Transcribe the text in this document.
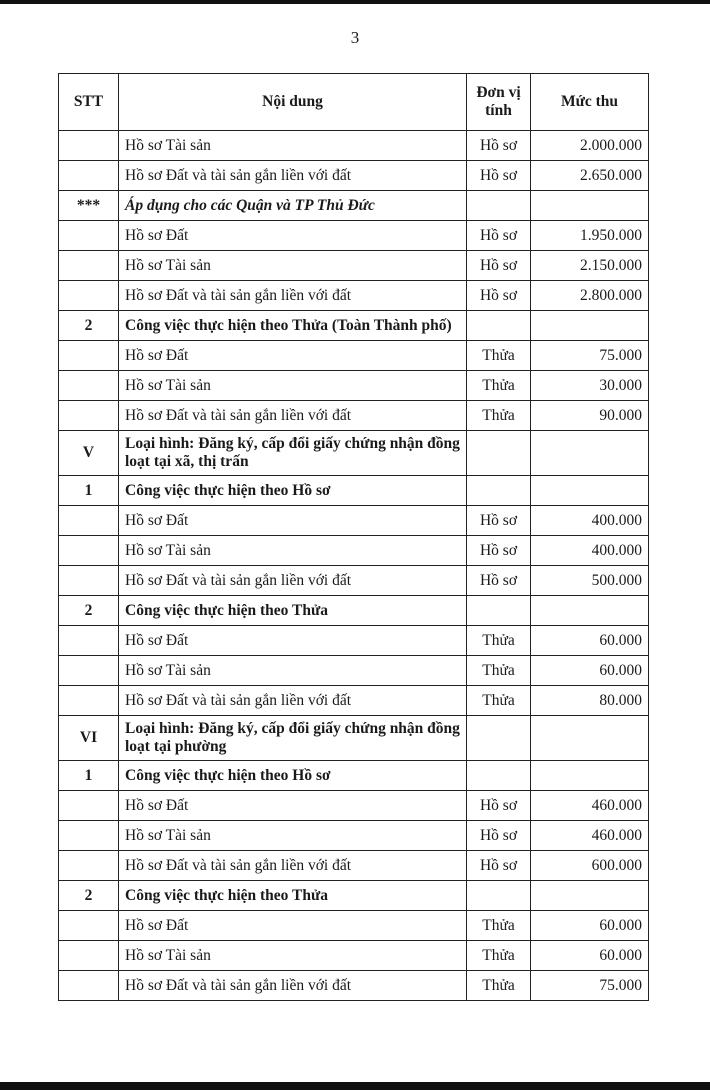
3
STT	Nội dung	Đơn vị tính	Mức thu
	Hồ sơ Tài sản	Hồ sơ	2.000.000
	Hồ sơ Đất và tài sản gắn liền với đất	Hồ sơ	2.650.000
***	Áp dụng cho các Quận và TP Thủ Đức		
	Hồ sơ Đất	Hồ sơ	1.950.000
	Hồ sơ Tài sản	Hồ sơ	2.150.000
	Hồ sơ Đất và tài sản gắn liền với đất	Hồ sơ	2.800.000
2	Công việc thực hiện theo Thửa (Toàn Thành phố)		
	Hồ sơ Đất	Thửa	75.000
	Hồ sơ Tài sản	Thửa	30.000
	Hồ sơ Đất và tài sản gắn liền với đất	Thửa	90.000
V	Loại hình: Đăng ký, cấp đổi giấy chứng nhận đồng loạt tại xã, thị trấn		
1	Công việc thực hiện theo Hồ sơ		
	Hồ sơ Đất	Hồ sơ	400.000
	Hồ sơ Tài sản	Hồ sơ	400.000
	Hồ sơ Đất và tài sản gắn liền với đất	Hồ sơ	500.000
2	Công việc thực hiện theo Thửa		
	Hồ sơ Đất	Thửa	60.000
	Hồ sơ Tài sản	Thửa	60.000
	Hồ sơ Đất và tài sản gắn liền với đất	Thửa	80.000
VI	Loại hình: Đăng ký, cấp đổi giấy chứng nhận đồng loạt tại phường		
1	Công việc thực hiện theo Hồ sơ		
	Hồ sơ Đất	Hồ sơ	460.000
	Hồ sơ Tài sản	Hồ sơ	460.000
	Hồ sơ Đất và tài sản gắn liền với đất	Hồ sơ	600.000
2	Công việc thực hiện theo Thửa		
	Hồ sơ Đất	Thửa	60.000
	Hồ sơ Tài sản	Thửa	60.000
	Hồ sơ Đất và tài sản gắn liền với đất	Thửa	75.000
